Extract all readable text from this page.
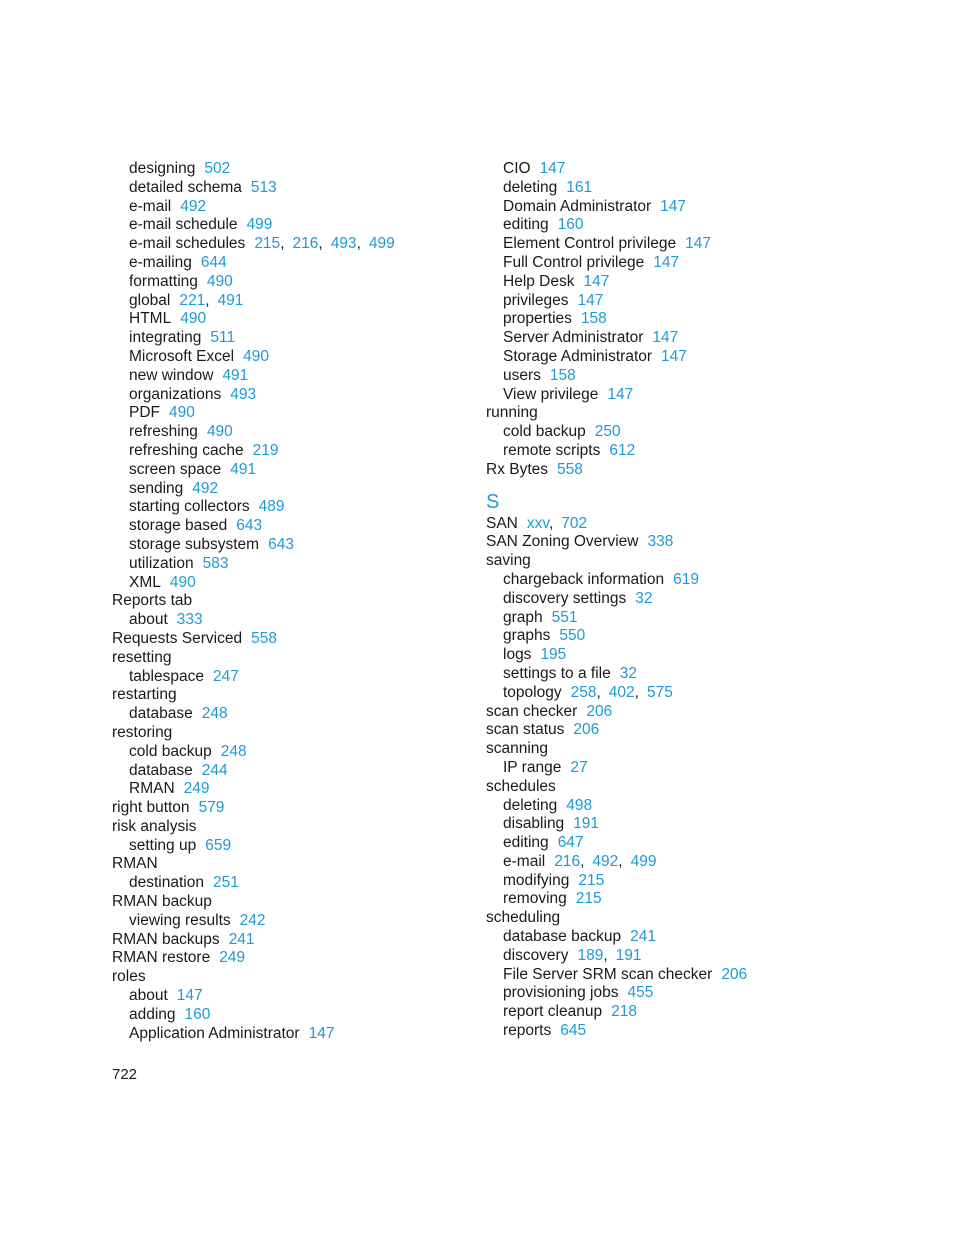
designing 502
detailed schema 513
e-mail 492
e-mail schedule 499
e-mail schedules 215, 216, 493, 499
e-mailing 644
formatting 490
global 221, 491
HTML 490
integrating 511
Microsoft Excel 490
new window 491
organizations 493
PDF 490
refreshing 490
refreshing cache 219
screen space 491
sending 492
starting collectors 489
storage based 643
storage subsystem 643
utilization 583
XML 490
Reports tab
about 333
Requests Serviced 558
resetting
tablespace 247
restarting
database 248
restoring
cold backup 248
database 244
RMAN 249
right button 579
risk analysis
setting up 659
RMAN
destination 251
RMAN backup
viewing results 242
RMAN backups 241
RMAN restore 249
roles
about 147
adding 160
Application Administrator 147
CIO 147
deleting 161
Domain Administrator 147
editing 160
Element Control privilege 147
Full Control privilege 147
Help Desk 147
privileges 147
properties 158
Server Administrator 147
Storage Administrator 147
users 158
View privilege 147
running
cold backup 250
remote scripts 612
Rx Bytes 558
S
SAN xxv, 702
SAN Zoning Overview 338
saving
chargeback information 619
discovery settings 32
graph 551
graphs 550
logs 195
settings to a file 32
topology 258, 402, 575
scan checker 206
scan status 206
scanning
IP range 27
schedules
deleting 498
disabling 191
editing 647
e-mail 216, 492, 499
modifying 215
removing 215
scheduling
database backup 241
discovery 189, 191
File Server SRM scan checker 206
provisioning jobs 455
report cleanup 218
reports 645
722
